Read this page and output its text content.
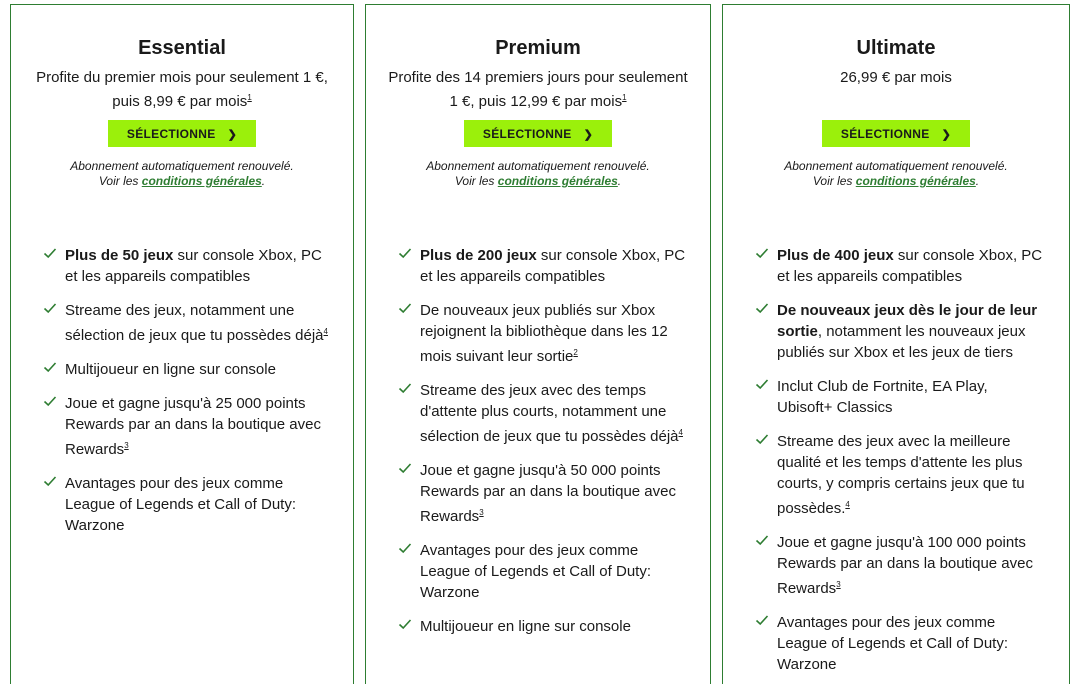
Essential
Profite du premier mois pour seulement 1 €,
puis 8,99 € par mois$^1$
SÉLECTIONNE ❯
Abonnement automatiquement renouvelé.
Voir les conditions générales.
Plus de 50 jeux sur console Xbox, PC et les appareils compatibles
Streame des jeux, notamment une sélection de jeux que tu possèdes déjà$^4$
Multijoueur en ligne sur console
Joue et gagne jusqu'à 25 000 points Rewards par an dans la boutique avec Rewards$^3$
Avantages pour des jeux comme League of Legends et Call of Duty: Warzone
Premium
Profite des 14 premiers jours pour seulement
1 €, puis 12,99 € par mois$^1$
SÉLECTIONNE ❯
Abonnement automatiquement renouvelé.
Voir les conditions générales.
Plus de 200 jeux sur console Xbox, PC et les appareils compatibles
De nouveaux jeux publiés sur Xbox rejoignent la bibliothèque dans les 12 mois suivant leur sortie$^2$
Streame des jeux avec des temps d'attente plus courts, notamment une sélection de jeux que tu possèdes déjà$^4$
Joue et gagne jusqu'à 50 000 points Rewards par an dans la boutique avec Rewards$^3$
Avantages pour des jeux comme League of Legends et Call of Duty: Warzone
Multijoueur en ligne sur console
Ultimate
26,99 € par mois

SÉLECTIONNE ❯
Abonnement automatiquement renouvelé.
Voir les conditions générales.
Plus de 400 jeux sur console Xbox, PC et les appareils compatibles
De nouveaux jeux dès le jour de leur sortie, notamment les nouveaux jeux publiés sur Xbox et les jeux de tiers
Inclut Club de Fortnite, EA Play, Ubisoft+ Classics
Streame des jeux avec la meilleure qualité et les temps d'attente les plus courts, y compris certains jeux que tu possèdes.$^4$
Joue et gagne jusqu'à 100 000 points Rewards par an dans la boutique avec Rewards$^3$
Avantages pour des jeux comme League of Legends et Call of Duty: Warzone
